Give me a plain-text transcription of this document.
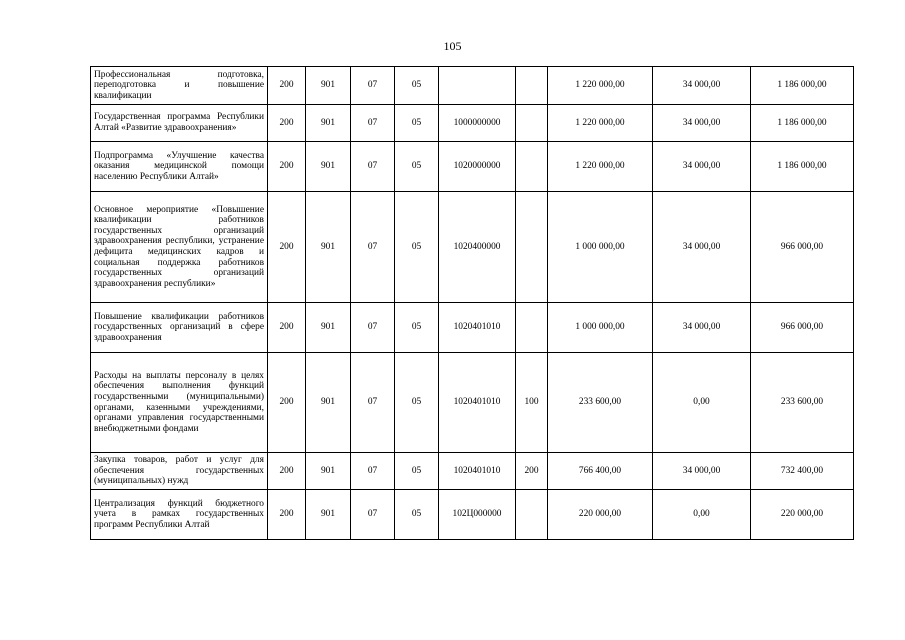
105
Профессиональная подготовка, переподготовка и повышение квалификации	200	901	07	05			1 220 000,00	34 000,00	1 186 000,00
Государственная программа Республики Алтай «Развитие здравоохранения»	200	901	07	05	1000000000		1 220 000,00	34 000,00	1 186 000,00
Подпрограмма «Улучшение качества оказания медицинской помощи населению Республики Алтай»	200	901	07	05	1020000000		1 220 000,00	34 000,00	1 186 000,00
Основное мероприятие «Повышение квалификации работников государственных организаций здравоохранения республики, устранение дефицита медицинских кадров и социальная поддержка работников государственных организаций здравоохранения республики»	200	901	07	05	1020400000		1 000 000,00	34 000,00	966 000,00
Повышение квалификации работников государственных организаций в сфере здравоохранения	200	901	07	05	1020401010		1 000 000,00	34 000,00	966 000,00
Расходы на выплаты персоналу в целях обеспечения выполнения функций государственными (муниципальными) органами, казенными учреждениями, органами управления государственными внебюджетными фондами	200	901	07	05	1020401010	100	233 600,00	0,00	233 600,00
Закупка товаров, работ и услуг для обеспечения государственных (муниципальных) нужд	200	901	07	05	1020401010	200	766 400,00	34 000,00	732 400,00
Централизация функций бюджетного учета в рамках государственных программ Республики Алтай	200	901	07	05	102Ц000000		220 000,00	0,00	220 000,00
